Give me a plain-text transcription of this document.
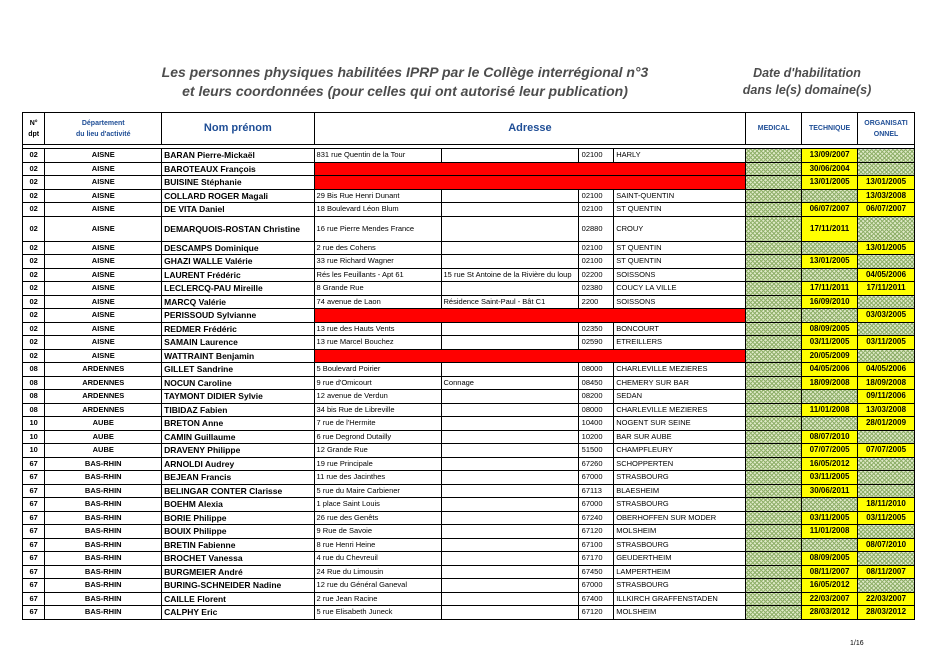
Les personnes physiques habilitées IPRP par le Collège interrégional n°3
et leurs coordonnées (pour celles qui ont autorisé leur publication)
Date d'habilitation
dans le(s) domaine(s)
N°
dpt	Département
du lieu d'activité	Nom prénom	Adresse				MEDICAL	TECHNIQUE	ORGANISATI
ONNEL

02	AISNE	BARAN Pierre-Mickaël	831 rue Quentin de la Tour		02100	HARLY		13/09/2007	
02	AISNE	BAROTEAUX François						30/06/2004	
02	AISNE	BUISINE Stéphanie						13/01/2005	13/01/2005
02	AISNE	COLLARD ROGER Magali	29 Bis Rue Henri Dunant		02100	SAINT-QUENTIN			13/03/2008
02	AISNE	DE VITA Daniel	18 Boulevard Léon Blum		02100	ST QUENTIN		06/07/2007	06/07/2007
02	AISNE	DEMARQUOIS-ROSTAN Christine	16 rue Pierre Mendes France		02880	CROUY		17/11/2011	
02	AISNE	DESCAMPS Dominique	2 rue des Cohens		02100	ST QUENTIN			13/01/2005
02	AISNE	GHAZI WALLE Valérie	33 rue Richard Wagner		02100	ST QUENTIN		13/01/2005	
02	AISNE	LAURENT Frédéric	Rés les Feuillants - Apt 61	15 rue St Antoine de la Rivière du loup	02200	SOISSONS			04/05/2006
02	AISNE	LECLERCQ-PAU Mireille	8 Grande Rue		02380	COUCY LA VILLE		17/11/2011	17/11/2011
02	AISNE	MARCQ Valérie	74 avenue de Laon	Résidence Saint-Paul - Bât C1	2200	SOISSONS		16/09/2010	
02	AISNE	PERISSOUD Sylvianne							03/03/2005
02	AISNE	REDMER Frédéric	13 rue des Hauts Vents		02350	BONCOURT		08/09/2005	
02	AISNE	SAMAIN Laurence	13 rue Marcel Bouchez		02590	ETREILLERS		03/11/2005	03/11/2005
02	AISNE	WATTRAINT Benjamin						20/05/2009	
08	ARDENNES	GILLET Sandrine	5 Boulevard Poirier		08000	CHARLEVILLE MEZIERES		04/05/2006	04/05/2006
08	ARDENNES	NOCUN Caroline	9 rue d'Omicourt	Connage	08450	CHEMERY SUR BAR		18/09/2008	18/09/2008
08	ARDENNES	TAYMONT DIDIER Sylvie	12 avenue de Verdun		08200	SEDAN			09/11/2006
08	ARDENNES	TIBIDAZ Fabien	34 bis Rue de Libreville		08000	CHARLEVILLE MEZIERES		11/01/2008	13/03/2008
10	AUBE	BRETON Anne	7 rue de l'Hermite		10400	NOGENT SUR SEINE			28/01/2009
10	AUBE	CAMIN Guillaume	6 rue Degrond Dutailly		10200	BAR SUR AUBE		08/07/2010	
10	AUBE	DRAVENY Philippe	12 Grande Rue		51500	CHAMPFLEURY		07/07/2005	07/07/2005
67	BAS-RHIN	ARNOLDI Audrey	19 rue Principale		67260	SCHOPPERTEN		16/05/2012	
67	BAS-RHIN	BEJEAN Francis	11 rue des Jacinthes		67000	STRASBOURG		03/11/2005	
67	BAS-RHIN	BELINGAR CONTER Clarisse	5 rue du Maire Carbiener		67113	BLAESHEIM		30/06/2011	
67	BAS-RHIN	BOEHM Alexia	1 place Saint Louis		67000	STRASBOURG			18/11/2010
67	BAS-RHIN	BORIE Philippe	26 rue des Genêts		67240	OBERHOFFEN SUR MODER		03/11/2005	03/11/2005
67	BAS-RHIN	BOUIX Philippe	9 Rue de Savoie		67120	MOLSHEIM		11/01/2008	
67	BAS-RHIN	BRETIN Fabienne	8 rue Henri Heine		67100	STRASBOURG			08/07/2010
67	BAS-RHIN	BROCHET Vanessa	4 rue du Chevreuil		67170	GEUDERTHEIM		08/09/2005	
67	BAS-RHIN	BURGMEIER André	24 Rue du Limousin		67450	LAMPERTHEIM		08/11/2007	08/11/2007
67	BAS-RHIN	BURING-SCHNEIDER Nadine	12 rue du Général Ganeval		67000	STRASBOURG		16/05/2012	
67	BAS-RHIN	CAILLE Florent	2 rue Jean Racine		67400	ILLKIRCH GRAFFENSTADEN		22/03/2007	22/03/2007
67	BAS-RHIN	CALPHY Eric	5 rue Elisabeth Juneck		67120	MOLSHEIM		28/03/2012	28/03/2012
1/16
